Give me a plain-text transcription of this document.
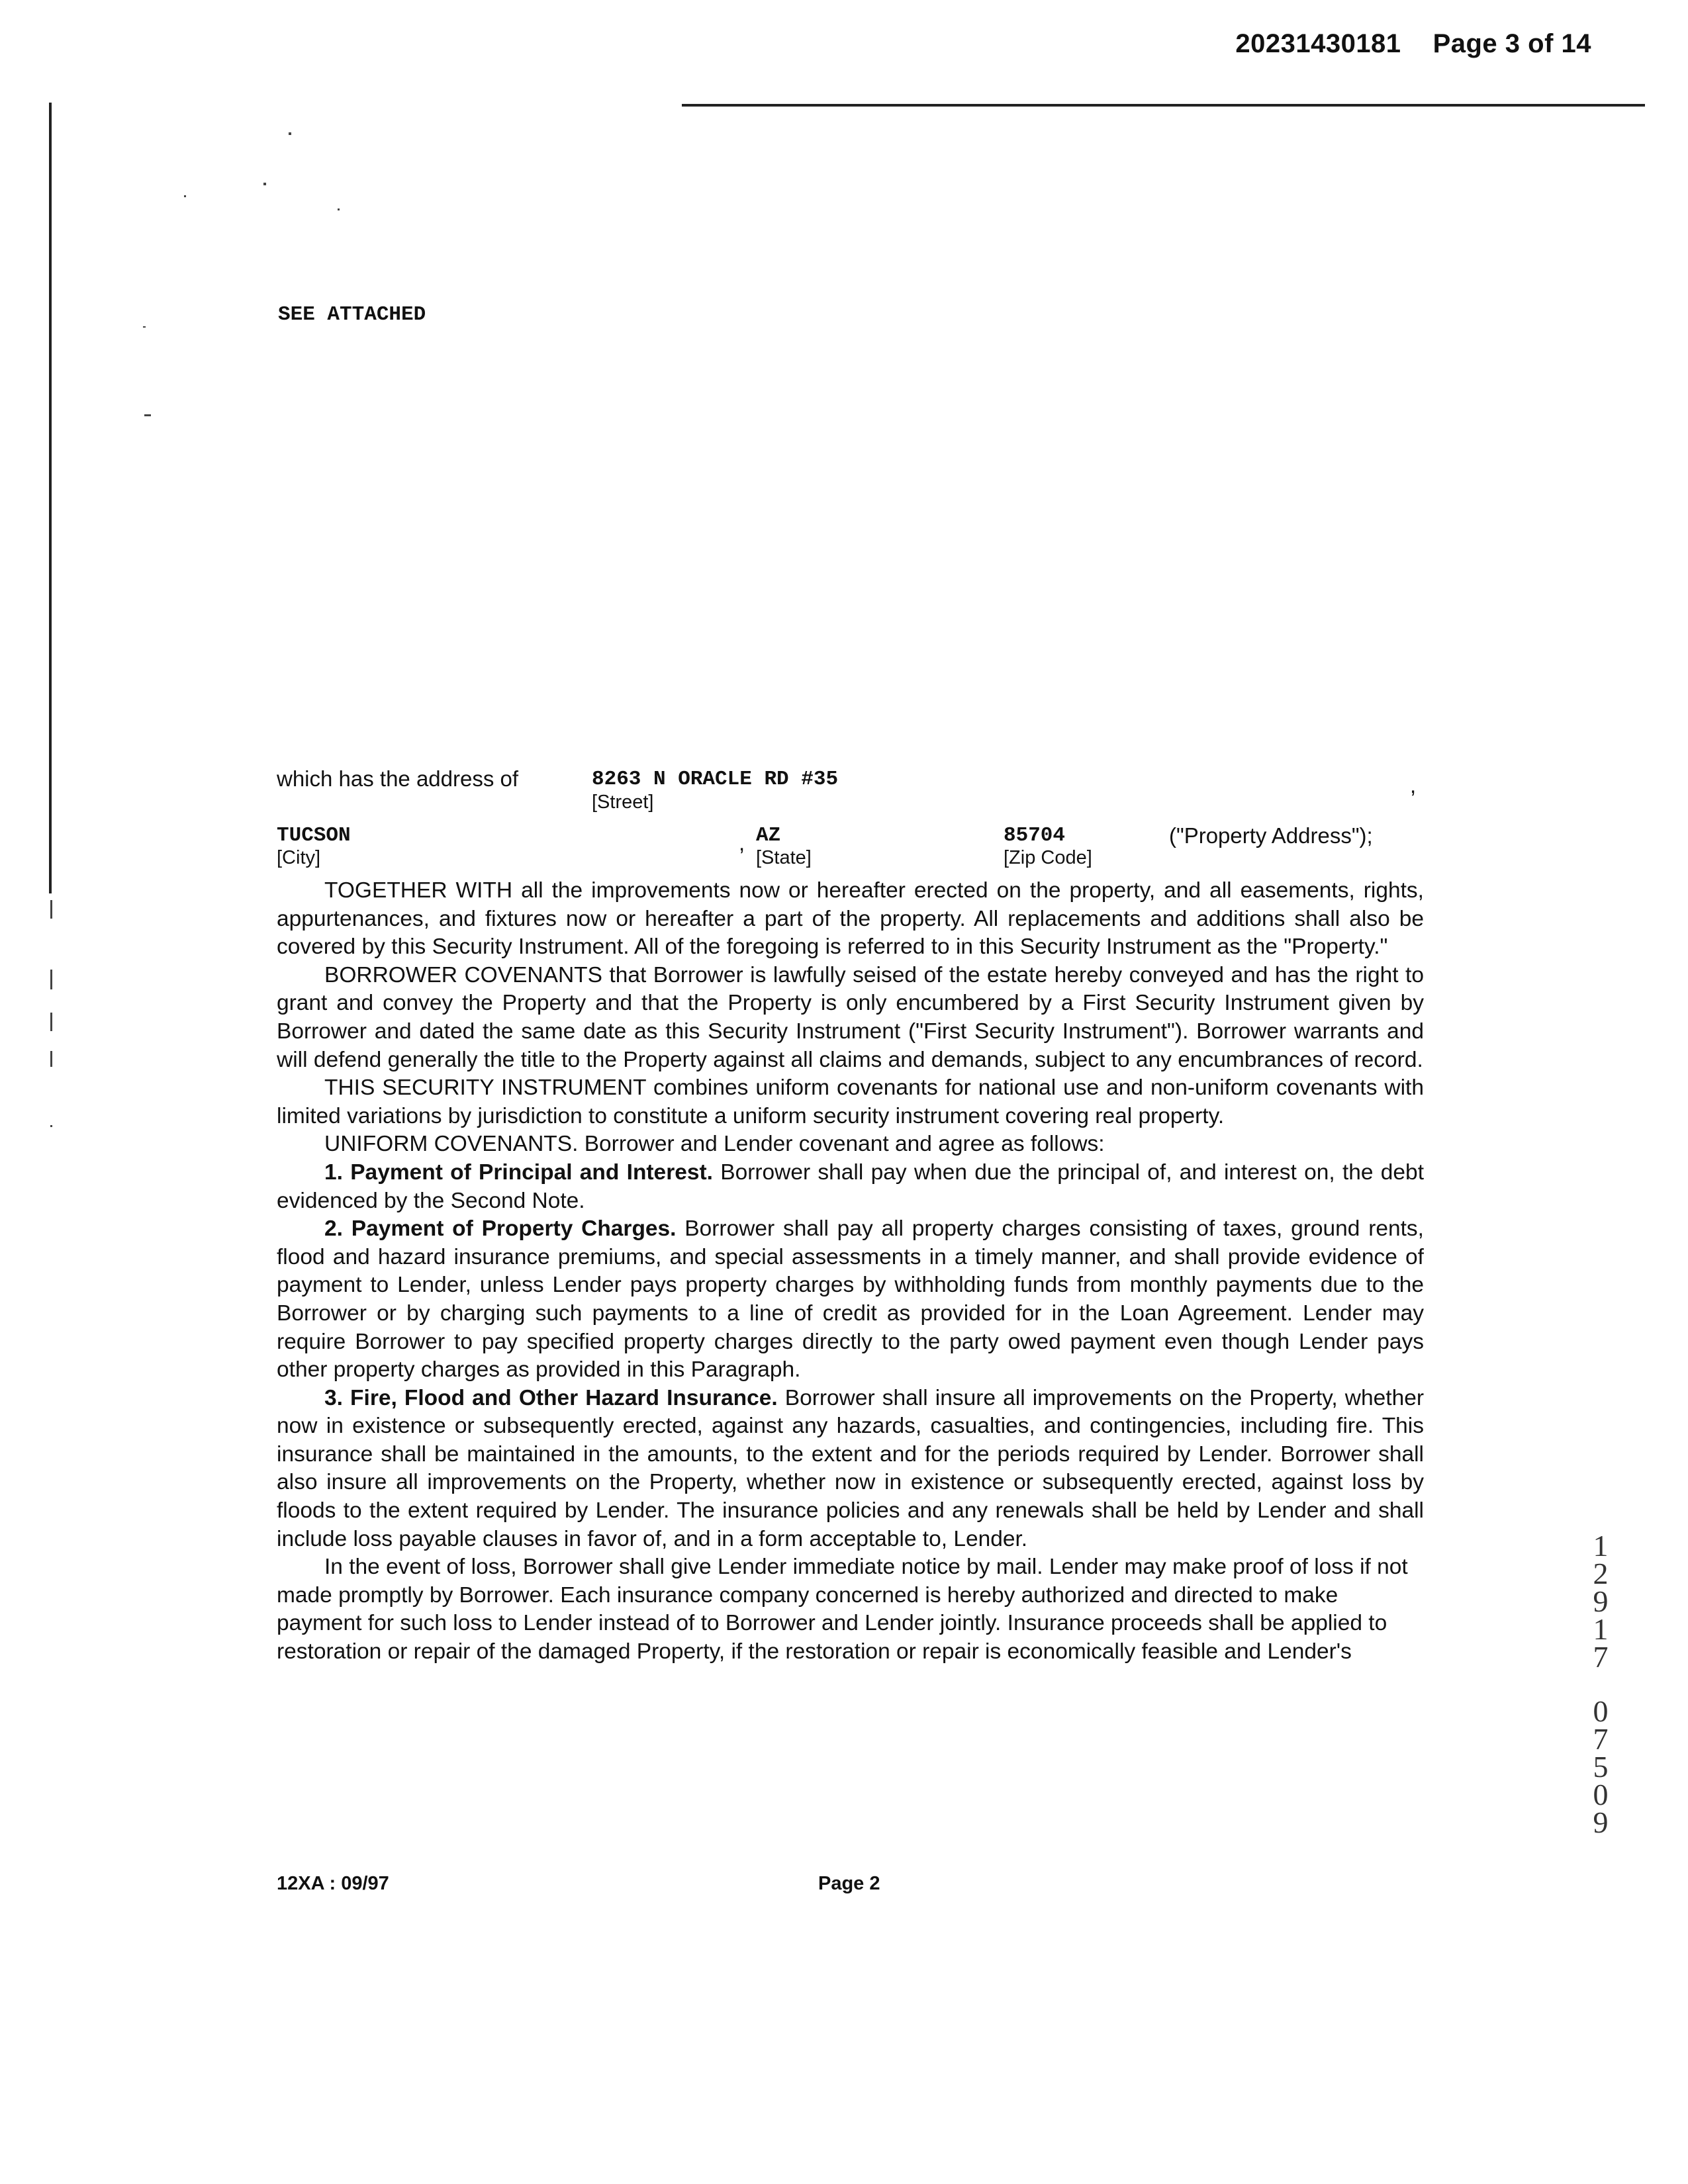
20231430181 Page 3 of 14
SEE ATTACHED
which has the address of	8263 N ORACLE RD #35
[Street]
,
TUCSON
[City]
, AZ
[State]
85704
[Zip Code]
("Property Address");

TOGETHER WITH all the improvements now or hereafter erected on the property, and all easements, rights, appurtenances, and fixtures now or hereafter a part of the property. All replacements and additions shall also be covered by this Security Instrument. All of the foregoing is referred to in this Security Instrument as the "Property."

BORROWER COVENANTS that Borrower is lawfully seised of the estate hereby conveyed and has the right to grant and convey the Property and that the Property is only encumbered by a First Security Instrument given by Borrower and dated the same date as this Security Instrument ("First Security Instrument"). Borrower warrants and will defend generally the title to the Property against all claims and demands, subject to any encumbrances of record.

THIS SECURITY INSTRUMENT combines uniform covenants for national use and non-uniform covenants with limited variations by jurisdiction to constitute a uniform security instrument covering real property.

UNIFORM COVENANTS. Borrower and Lender covenant and agree as follows:

1. Payment of Principal and Interest. Borrower shall pay when due the principal of, and interest on, the debt evidenced by the Second Note.

2. Payment of Property Charges. Borrower shall pay all property charges consisting of taxes, ground rents, flood and hazard insurance premiums, and special assessments in a timely manner, and shall provide evidence of payment to Lender, unless Lender pays property charges by withholding funds from monthly payments due to the Borrower or by charging such payments to a line of credit as provided for in the Loan Agreement. Lender may require Borrower to pay specified property charges directly to the party owed payment even though Lender pays other property charges as provided in this Paragraph.

3. Fire, Flood and Other Hazard Insurance. Borrower shall insure all improvements on the Property, whether now in existence or subsequently erected, against any hazards, casualties, and contingencies, including fire. This insurance shall be maintained in the amounts, to the extent and for the periods required by Lender. Borrower shall also insure all improvements on the Property, whether now in existence or subsequently erected, against loss by floods to the extent required by Lender. The insurance policies and any renewals shall be held by Lender and shall include loss payable clauses in favor of, and in a form acceptable to, Lender.

In the event of loss, Borrower shall give Lender immediate notice by mail. Lender may make proof of loss if not made promptly by Borrower. Each insurance company concerned is hereby authorized and directed to make payment for such loss to Lender instead of to Borrower and Lender jointly. Insurance proceeds shall be applied to restoration or repair of the damaged Property, if the restoration or repair is economically feasible and Lender's

12XA : 09/97	Page 2
1
2
9
1
7
0
7
5
0
9
